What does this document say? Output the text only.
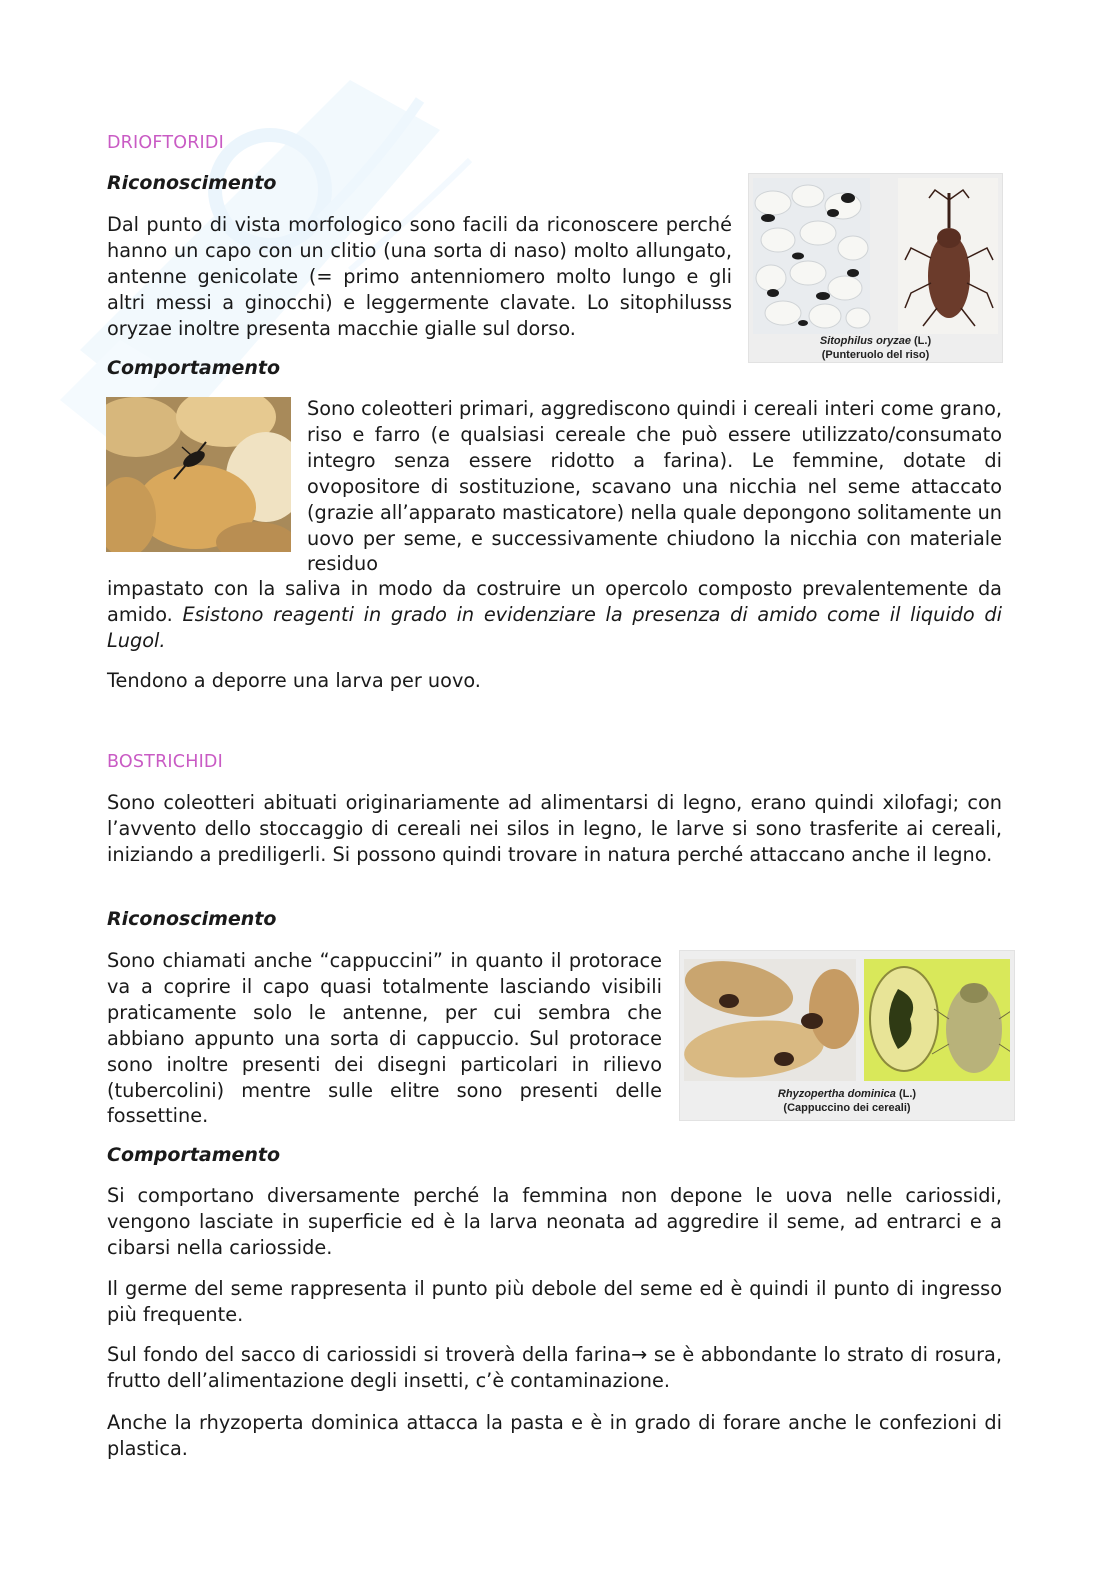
DRIOFTORIDI
Riconoscimento

Dal punto di vista morfologico sono facili da riconoscere perché hanno un capo con un clitio (una sorta di naso) molto allungato, antenne genicolate (= primo antenniomero molto lungo e gli altri messi a ginocchi) e leggermente clavate. Lo sitophilusss oryzae inoltre presenta macchie gialle sul dorso.

Sitophilus oryzae (L.)
(Punteruolo del riso)
Comportamento

Sono coleotteri primari, aggrediscono quindi i cereali interi come grano, riso e farro (e qualsiasi cereale che può essere utilizzato/consumato integro senza essere ridotto a farina). Le femmine, dotate di ovopositore di sostituzione, scavano una nicchia nel seme attaccato (grazie all’apparato masticatore) nella quale depongono solitamente un uovo per seme, e successivamente chiudono la nicchia con materiale residuo

impastato con la saliva in modo da costruire un opercolo composto prevalentemente da amido. Esistono reagenti in grado in evidenziare la presenza di amido come il liquido di Lugol.

Tendono a deporre una larva per uovo.

BOSTRICHIDI

Sono coleotteri abituati originariamente ad alimentarsi di legno, erano quindi xilofagi; con l’avvento dello stoccaggio di cereali nei silos in legno, le larve si sono trasferite ai cereali, iniziando a prediligerli. Si possono quindi trovare in natura perché attaccano anche il legno.

Riconoscimento

Sono chiamati anche “cappuccini” in quanto il protorace va a coprire il capo quasi totalmente lasciando visibili praticamente solo le antenne, per cui sembra che abbiano appunto una sorta di cappuccio. Sul protorace sono inoltre presenti dei disegni particolari in rilievo (tubercolini) mentre sulle elitre sono presenti delle fossettine.

Rhyzopertha dominica (L.)
(Cappuccino dei cereali)
Comportamento

Si comportano diversamente perché la femmina non depone le uova nelle cariossidi, vengono lasciate in superficie ed è la larva neonata ad aggredire il seme, ad entrarci e a cibarsi nella cariosside.

Il germe del seme rappresenta il punto più debole del seme ed è quindi il punto di ingresso più frequente.

Sul fondo del sacco di cariossidi si troverà della farina→ se è abbondante lo strato di rosura, frutto dell’alimentazione degli insetti, c’è contaminazione.

Anche la rhyzoperta dominica attacca la pasta e è in grado di forare anche le confezioni di plastica.
